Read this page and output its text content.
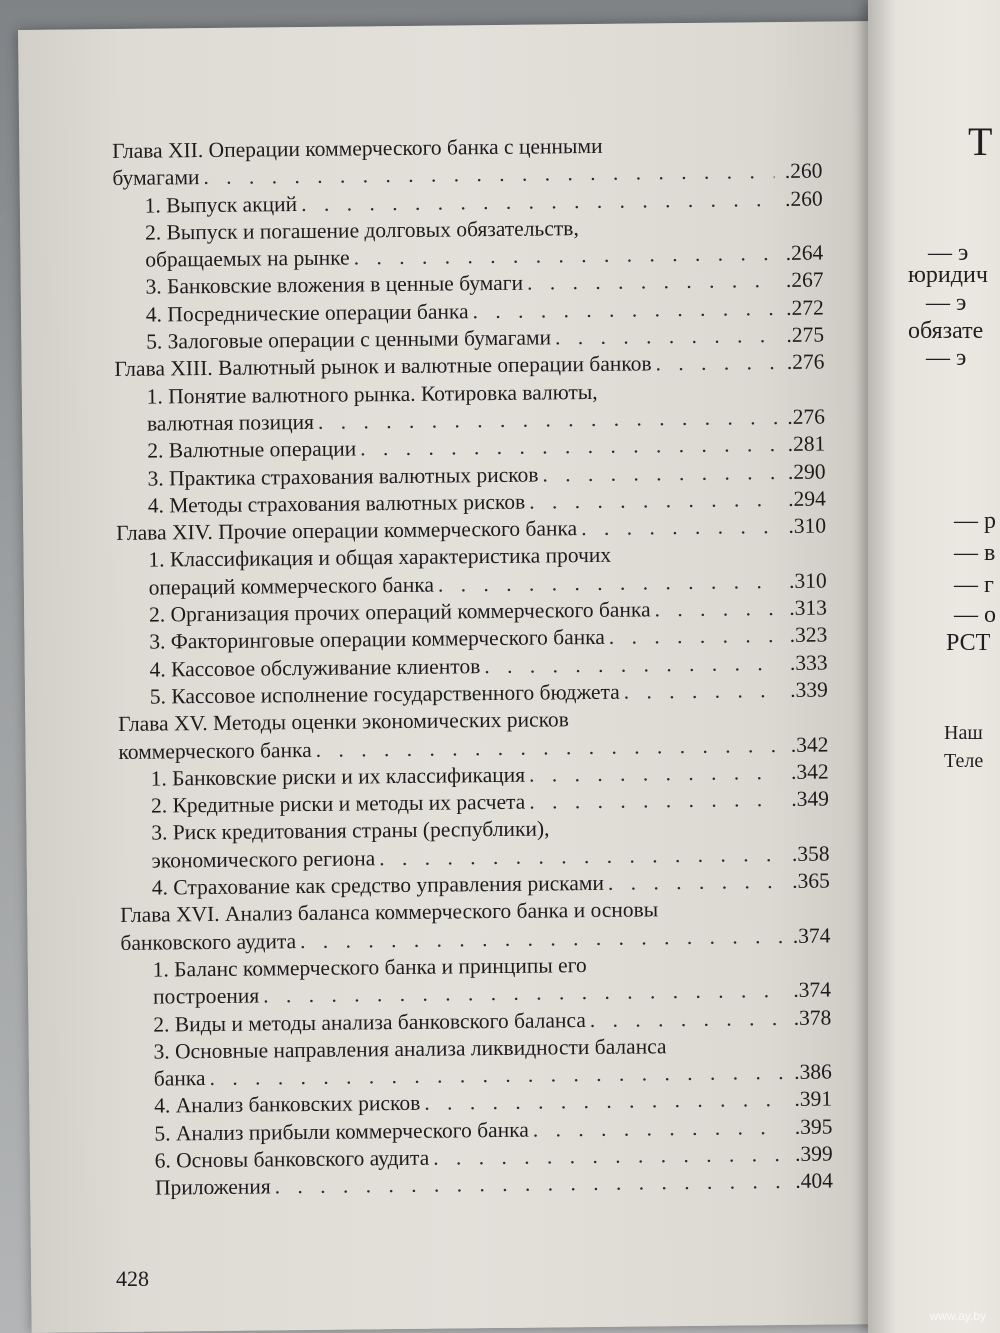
Т
— э
юридич
— э
обязате
— э
— р
— в
— г
— о
РСТ
Наш
Теле
Глава XII. Операции коммерческого банка с ценными
бумагами . . .	.260
1. Выпуск акций . . .	.260
2. Выпуск и погашение долговых обязательств,
обращаемых на рынке . . .	.264
3. Банковские вложения в ценные бумаги . . .	.267
4. Посреднические операции банка . . .	.272
5. Залоговые операции с ценными бумагами . . .	.275
Глава XIII. Валютный рынок и валютные операции банков . . .	.276
1. Понятие валютного рынка. Котировка валюты,
валютная позиция . . .	.276
2. Валютные операции . . .	.281
3. Практика страхования валютных рисков . . .	.290
4. Методы страхования валютных рисков . . .	.294
Глава XIV. Прочие операции коммерческого банка . . .	.310
1. Классификация и общая характеристика прочих
операций коммерческого банка . . .	.310
2. Организация прочих операций коммерческого банка . . .	.313
3. Факторинговые операции коммерческого банка . . .	.323
4. Кассовое обслуживание клиентов . . .	.333
5. Кассовое исполнение государственного бюджета . . .	.339
Глава XV. Методы оценки экономических рисков
коммерческого банка . . .	.342
1. Банковские риски и их классификация . . .	.342
2. Кредитные риски и методы их расчета . . .	.349
3. Риск кредитования страны (республики),
экономического региона . . .	.358
4. Страхование как средство управления рисками . . .	.365
Глава XVI. Анализ баланса коммерческого банка и основы
банковского аудита . . .	.374
1. Баланс коммерческого банка и принципы его
построения . . .	.374
2. Виды и методы анализа банковского баланса . . .	.378
3. Основные направления анализа ликвидности баланса
банка . . .	.386
4. Анализ банковских рисков . . .	.391
5. Анализ прибыли коммерческого банка . . .	.395
6. Основы банковского аудита . . .	.399
Приложения . . .	.404
428
www.ay.by
